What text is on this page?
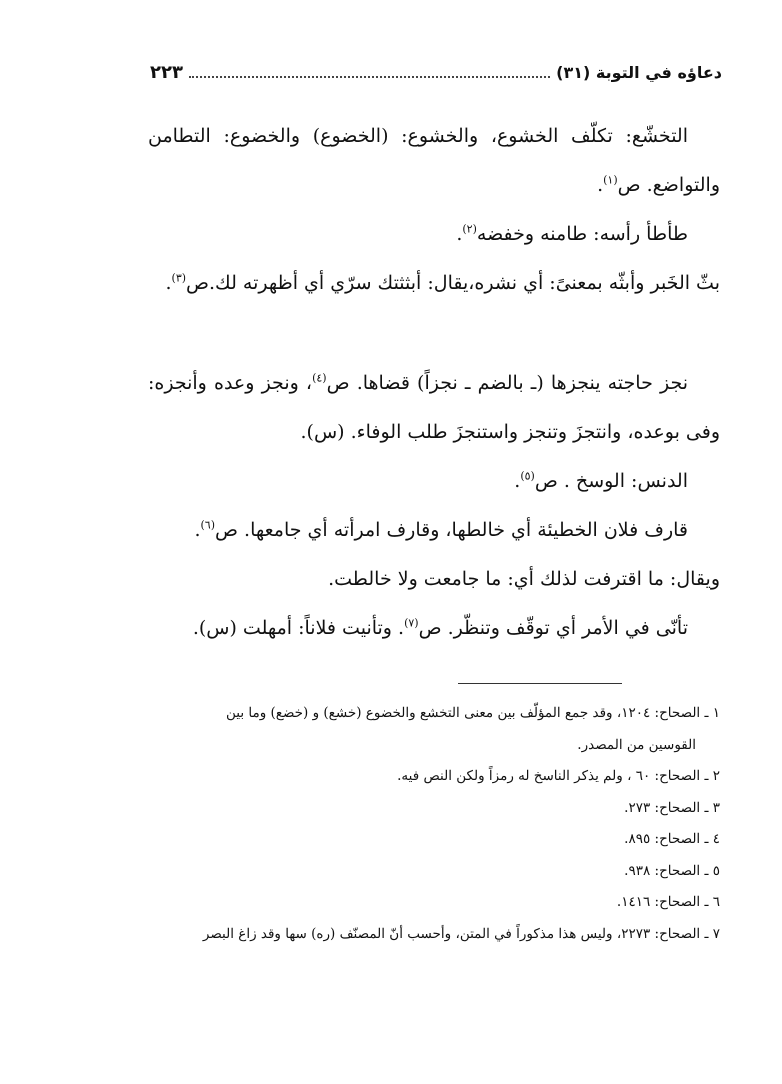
دعاؤه في التوبة (٣١)
٢٢٣

التخشّع: تكلّف الخشوع، والخشوع: (الخضوع) والخضوع: التطامن والتواضع. ص$^{(١)}$.

طأطأ رأسه: طامنه وخفضه$^{(٢)}$.

بثّ الخَبر وأبثّه بمعنىً: أي نشره،يقال: أبثثتك سرّي أي أظهرته لك.ص$^{(٣)}$.

نجز حاجته ينجزها (ـ بالضم ـ نجزاً) قضاها. ص$^{(٤)}$، ونجز وعده وأنجزه: وفى بوعده، وانتجزَ وتنجز واستنجزَ طلب الوفاء. (س).

الدنس: الوسخ . ص$^{(٥)}$.

قارف فلان الخطيئة أي خالطها، وقارف امرأته أي جامعها. ص$^{(٦)}$.

ويقال: ما اقترفت لذلك أي: ما جامعت ولا خالطت.

تأنّى في الأمر أي توقّف وتنظّر. ص$^{(٧)}$. وتأنيت فلاناً: أمهلت (س).

١ ـ الصحاح: ١٢٠٤، وقد جمع المؤلّف بين معنى التخشع والخضوع (خشع) و (خضع) وما بين

القوسين من المصدر.

٢ ـ الصحاح: ٦٠ ، ولم يذكر الناسخ له رمزاً ولكن النص فيه.

٣ ـ الصحاح: ٢٧٣.

٤ ـ الصحاح: ٨٩٥.

٥ ـ الصحاح: ٩٣٨.

٦ ـ الصحاح: ١٤١٦.

٧ ـ الصحاح: ٢٢٧٣، وليس هذا مذكوراً في المتن، وأحسب أنّ المصنّف (ره) سها وقد زاغ البصر
